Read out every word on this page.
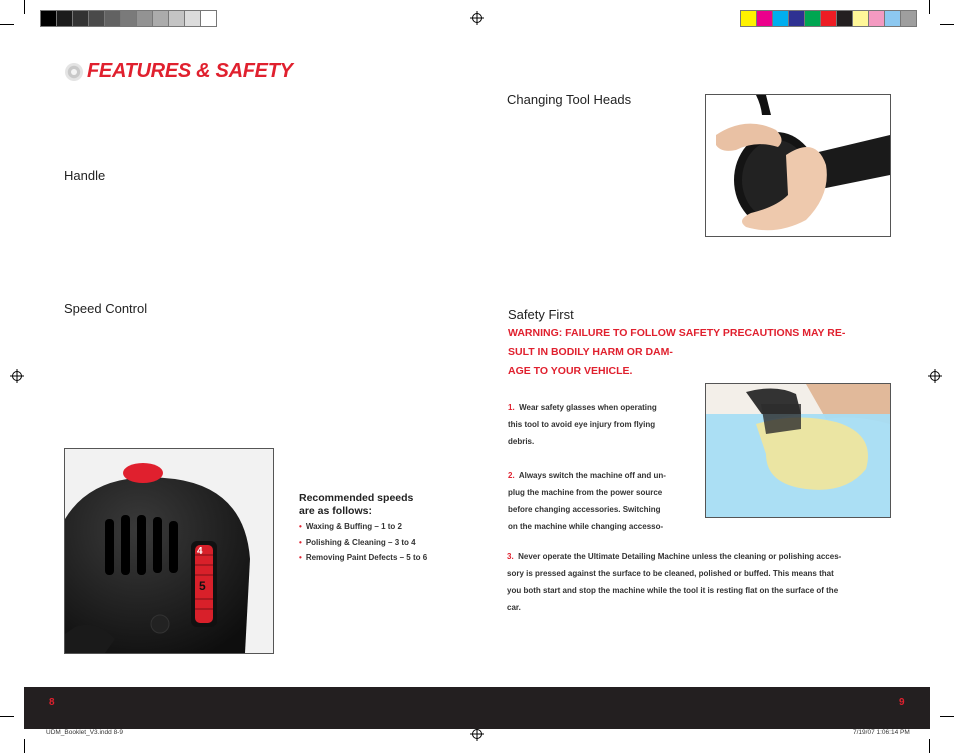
FEATURES & SAFETY
Handle
Speed Control
4
5
Recommended speeds
are as follows:
• Waxing & Buffing – 1 to 2
• Polishing & Cleaning – 3 to 4
• Removing Paint Defects – 5 to 6
Changing Tool Heads
Safety First
WARNING: FAILURE TO FOLLOW SAFETY PRECAUTIONS MAY RE-
SULT IN BODILY HARM OR DAM-
AGE TO YOUR VEHICLE.
1. Wear safety glasses when operating
this tool to avoid eye injury from flying
debris.
2. Always switch the machine off and un-
plug the machine from the power source
before changing accessories. Switching
on the machine while changing accesso-
3. Never operate the Ultimate Detailing Machine unless the cleaning or polishing acces-
sory is pressed against the surface to be cleaned, polished or buffed. This means that
you both start and stop the machine while the tool it is resting flat on the surface of the
car.
8	9
UDM_Booklet_V3.indd 8-9	7/19/07 1:06:14 PM
